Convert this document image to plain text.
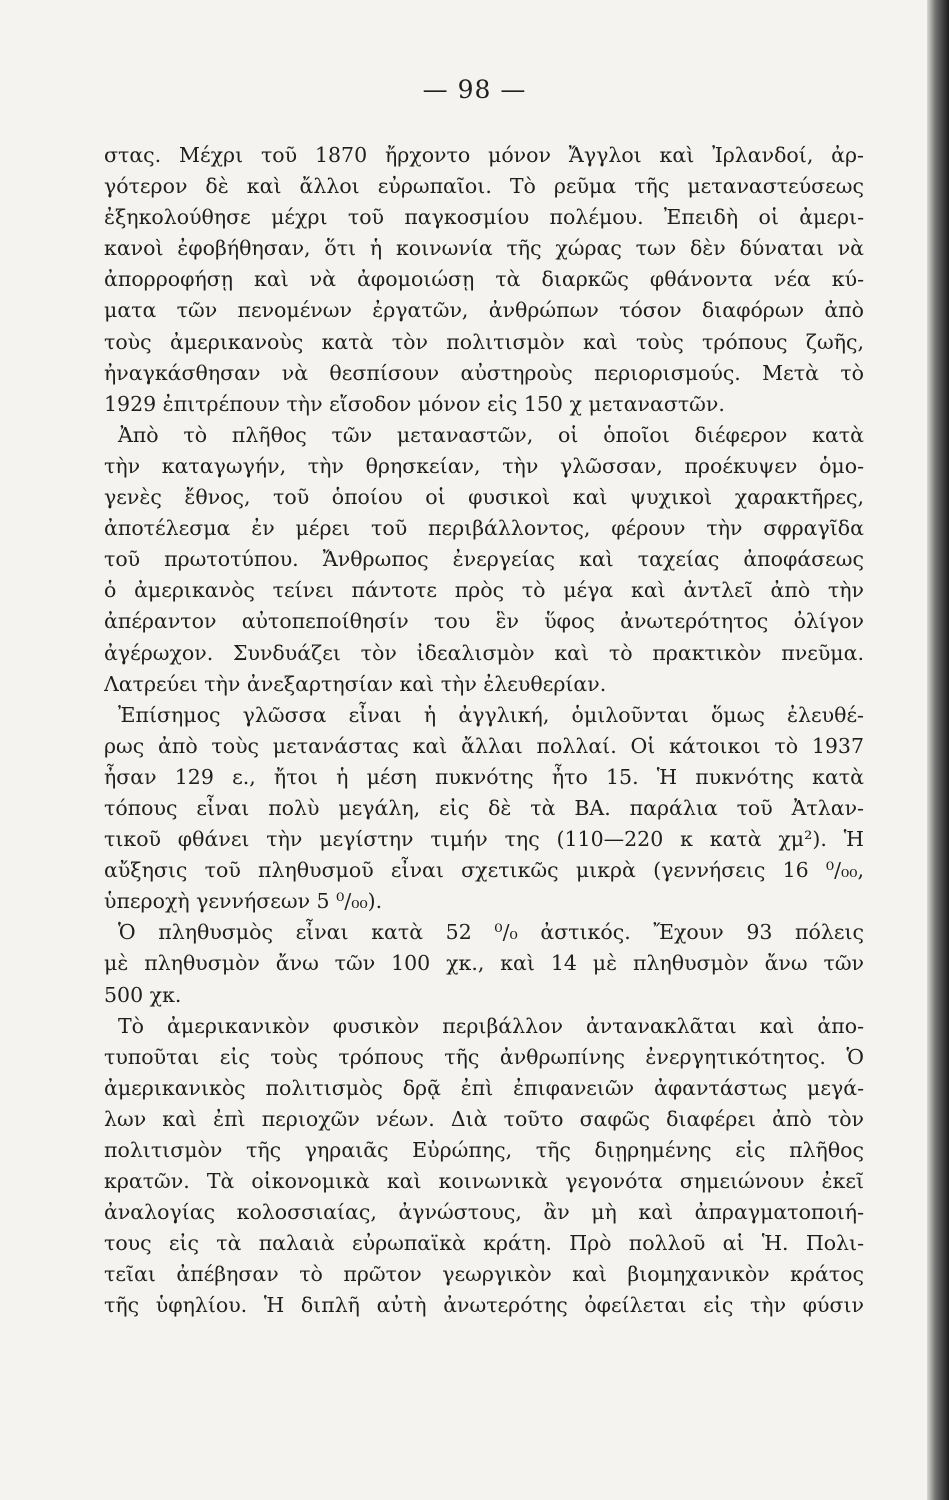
— 98 —
στας. Μέχρι τοῦ 1870 ἤρχοντο μόνον Ἄγγλοι καὶ Ἰρλανδοί, ἀρ-
γότερον δὲ καὶ ἄλλοι εὐρωπαῖοι. Τὸ ρεῦμα τῆς μεταναστεύσεως
ἐξηκολούθησε μέχρι τοῦ παγκοσμίου πολέμου. Ἐπειδὴ οἱ ἀμερι-
κανοὶ ἐφοβήθησαν, ὅτι ἡ κοινωνία τῆς χώρας των δὲν δύναται νὰ
ἀπορροφήσῃ καὶ νὰ ἀφομοιώσῃ τὰ διαρκῶς φθάνοντα νέα κύ-
ματα τῶν πενομένων ἐργατῶν, ἀνθρώπων τόσον διαφόρων ἀπὸ
τοὺς ἀμερικανοὺς κατὰ τὸν πολιτισμὸν καὶ τοὺς τρόπους ζωῆς,
ἠναγκάσθησαν νὰ θεσπίσουν αὐστηροὺς περιορισμούς. Μετὰ τὸ
1929 ἐπιτρέπουν τὴν εἴσοδον μόνον εἰς 150 χ μεταναστῶν.
Ἀπὸ τὸ πλῆθος τῶν μεταναστῶν, οἱ ὁποῖοι διέφερον κατὰ
τὴν καταγωγήν, τὴν θρησκείαν, τὴν γλῶσσαν, προέκυψεν ὁμο-
γενὲς ἔθνος, τοῦ ὁποίου οἱ φυσικοὶ καὶ ψυχικοὶ χαρακτῆρες,
ἀποτέλεσμα ἐν μέρει τοῦ περιβάλλοντος, φέρουν τὴν σφραγῖδα
τοῦ πρωτοτύπου. Ἄνθρωπος ἐνεργείας καὶ ταχείας ἀποφάσεως
ὁ ἀμερικανὸς τείνει πάντοτε πρὸς τὸ μέγα καὶ ἀντλεῖ ἀπὸ τὴν
ἀπέραντον αὐτοπεποίθησίν του ἓν ὕφος ἀνωτερότητος ὀλίγον
ἀγέρωχον. Συνδυάζει τὸν ἰδεαλισμὸν καὶ τὸ πρακτικὸν πνεῦμα.
Λατρεύει τὴν ἀνεξαρτησίαν καὶ τὴν ἐλευθερίαν.
Ἐπίσημος γλῶσσα εἶναι ἡ ἀγγλική, ὁμιλοῦνται ὅμως ἐλευθέ-
ρως ἀπὸ τοὺς μετανάστας καὶ ἄλλαι πολλαί. Οἱ κάτοικοι τὸ 1937
ἦσαν 129 ε., ἤτοι ἡ μέση πυκνότης ἦτο 15. Ἡ πυκνότης κατὰ
τόπους εἶναι πολὺ μεγάλη, εἰς δὲ τὰ ΒΑ. παράλια τοῦ Ἀτλαν-
τικοῦ φθάνει τὴν μεγίστην τιμήν της (110—220 κ κατὰ χμ²). Ἡ
αὔξησις τοῦ πληθυσμοῦ εἶναι σχετικῶς μικρὰ (γεννήσεις 16 ⁰/₀₀,
ὑπεροχὴ γεννήσεων 5 ⁰/₀₀).
Ὁ πληθυσμὸς εἶναι κατὰ 52 ⁰/₀ ἀστικός. Ἔχουν 93 πόλεις
μὲ πληθυσμὸν ἄνω τῶν 100 χκ., καὶ 14 μὲ πληθυσμὸν ἄνω τῶν
500 χκ.
Τὸ ἀμερικανικὸν φυσικὸν περιβάλλον ἀντανακλᾶται καὶ ἀπο-
τυποῦται εἰς τοὺς τρόπους τῆς ἀνθρωπίνης ἐνεργητικότητος. Ὁ
ἀμερικανικὸς πολιτισμὸς δρᾷ ἐπὶ ἐπιφανειῶν ἀφαντάστως μεγά-
λων καὶ ἐπὶ περιοχῶν νέων. Διὰ τοῦτο σαφῶς διαφέρει ἀπὸ τὸν
πολιτισμὸν τῆς γηραιᾶς Εὐρώπης, τῆς διῃρημένης εἰς πλῆθος
κρατῶν. Τὰ οἰκονομικὰ καὶ κοινωνικὰ γεγονότα σημειώνουν ἐκεῖ
ἀναλογίας κολοσσιαίας, ἀγνώστους, ἂν μὴ καὶ ἀπραγματοποιή-
τους εἰς τὰ παλαιὰ εὐρωπαϊκὰ κράτη. Πρὸ πολλοῦ αἱ Ἡ. Πολι-
τεῖαι ἀπέβησαν τὸ πρῶτον γεωργικὸν καὶ βιομηχανικὸν κράτος
τῆς ὑφηλίου. Ἡ διπλῆ αὐτὴ ἀνωτερότης ὀφείλεται εἰς τὴν φύσιν
